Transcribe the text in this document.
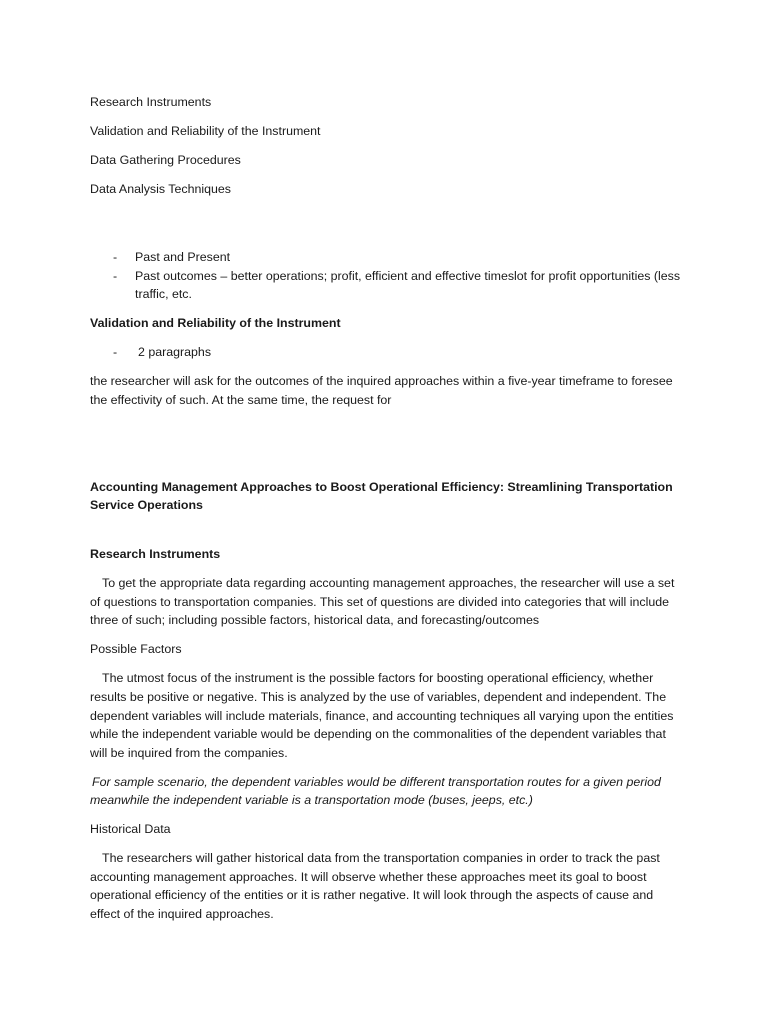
Research Instruments

Validation and Reliability of the Instrument

Data Gathering Procedures

Data Analysis Techniques

- Past and Present
- Past outcomes – better operations; profit, efficient and effective timeslot for profit opportunities (less traffic, etc.

Validation and Reliability of the Instrument

- 2 paragraphs

the researcher will ask for the outcomes of the inquired approaches within a five-year timeframe to foresee the effectivity of such. At the same time, the request for

Accounting Management Approaches to Boost Operational Efficiency: Streamlining Transportation Service Operations

Research Instruments

To get the appropriate data regarding accounting management approaches, the researcher will use a set of questions to transportation companies. This set of questions are divided into categories that will include three of such; including possible factors, historical data, and forecasting/outcomes

Possible Factors

The utmost focus of the instrument is the possible factors for boosting operational efficiency, whether results be positive or negative. This is analyzed by the use of variables, dependent and independent. The dependent variables will include materials, finance, and accounting techniques all varying upon the entities while the independent variable would be depending on the commonalities of the dependent variables that will be inquired from the companies.

For sample scenario, the dependent variables would be different transportation routes for a given period meanwhile the independent variable is a transportation mode (buses, jeeps, etc.)

Historical Data

The researchers will gather historical data from the transportation companies in order to track the past accounting management approaches. It will observe whether these approaches meet its goal to boost operational efficiency of the entities or it is rather negative. It will look through the aspects of cause and effect of the inquired approaches.
